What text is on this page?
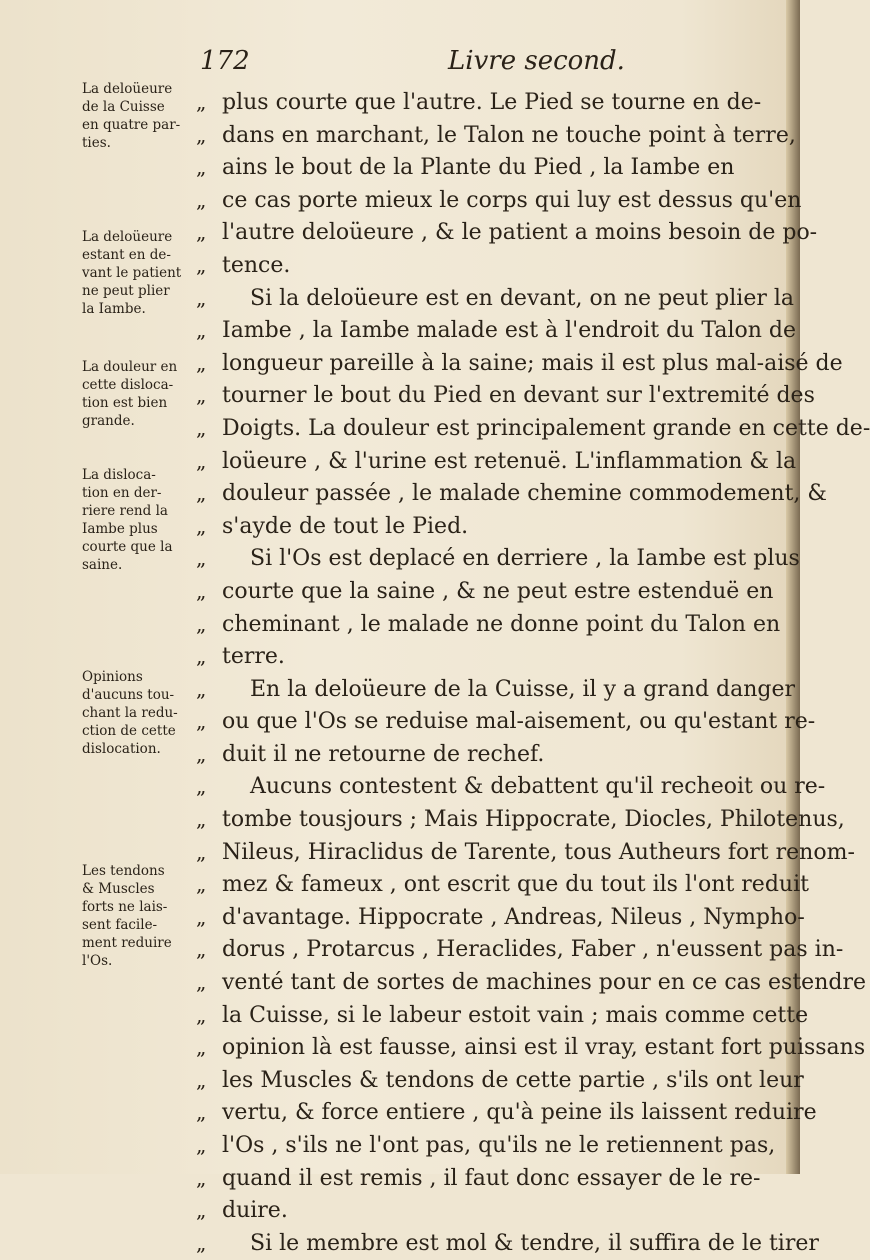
172	Livre second.
La deloüeure
de la Cuisse
en quatre par-
ties.
La deloüeure
estant en de-
vant le patient
ne peut plier
la Iambe.
La douleur en
cette disloca-
tion est bien
grande.
La disloca-
tion en der-
riere rend la
Iambe plus
courte que la
saine.
Opinions
d'aucuns tou-
chant la redu-
ction de cette
dislocation.
Les tendons
& Muscles
forts ne lais-
sent facile-
ment reduire
l'Os.
„ plus courte que l'autre. Le Pied se tourne en de-
„ dans en marchant, le Talon ne touche point à terre,
„ ains le bout de la Plante du Pied , la Iambe en
„ ce cas porte mieux le corps qui luy est dessus qu'en
„ l'autre deloüeure , & le patient a moins besoin de po-
„ tence.
„	Si la deloüeure est en devant, on ne peut plier la
„ Iambe , la Iambe malade est à l'endroit du Talon de
„ longueur pareille à la saine; mais il est plus mal-aisé de
„ tourner le bout du Pied en devant sur l'extremité des
„ Doigts. La douleur est principalement grande en cette de-
„ loüeure , & l'urine est retenuë. L'inflammation & la
„ douleur passée , le malade chemine commodement, &
„ s'ayde de tout le Pied.
„	Si l'Os est deplacé en derriere , la Iambe est plus
„ courte que la saine , & ne peut estre estenduë en
„ cheminant , le malade ne donne point du Talon en
„ terre.
„	En la deloüeure de la Cuisse, il y a grand danger
„ ou que l'Os se reduise mal-aisement, ou qu'estant re-
„ duit il ne retourne de rechef.
„	Aucuns contestent & debattent qu'il recheoit ou re-
„ tombe tousjours ; Mais Hippocrate, Diocles, Philotenus,
„ Nileus, Hiraclidus de Tarente, tous Autheurs fort renom-
„ mez & fameux , ont escrit que du tout ils l'ont reduit
„ d'avantage. Hippocrate , Andreas, Nileus , Nympho-
„ dorus , Protarcus , Heraclides, Faber , n'eussent pas in-
„ venté tant de sortes de machines pour en ce cas estendre
„ la Cuisse, si le labeur estoit vain ; mais comme cette
„ opinion là est fausse, ainsi est il vray, estant fort puissans
„ les Muscles & tendons de cette partie , s'ils ont leur
„ vertu, & force entiere , qu'à peine ils laissent reduire
„ l'Os , s'ils ne l'ont pas, qu'ils ne le retiennent pas,
„ quand il est remis , il faut donc essayer de le re-
„ duire.
„	Si le membre est mol & tendre, il suffira de le tirer
